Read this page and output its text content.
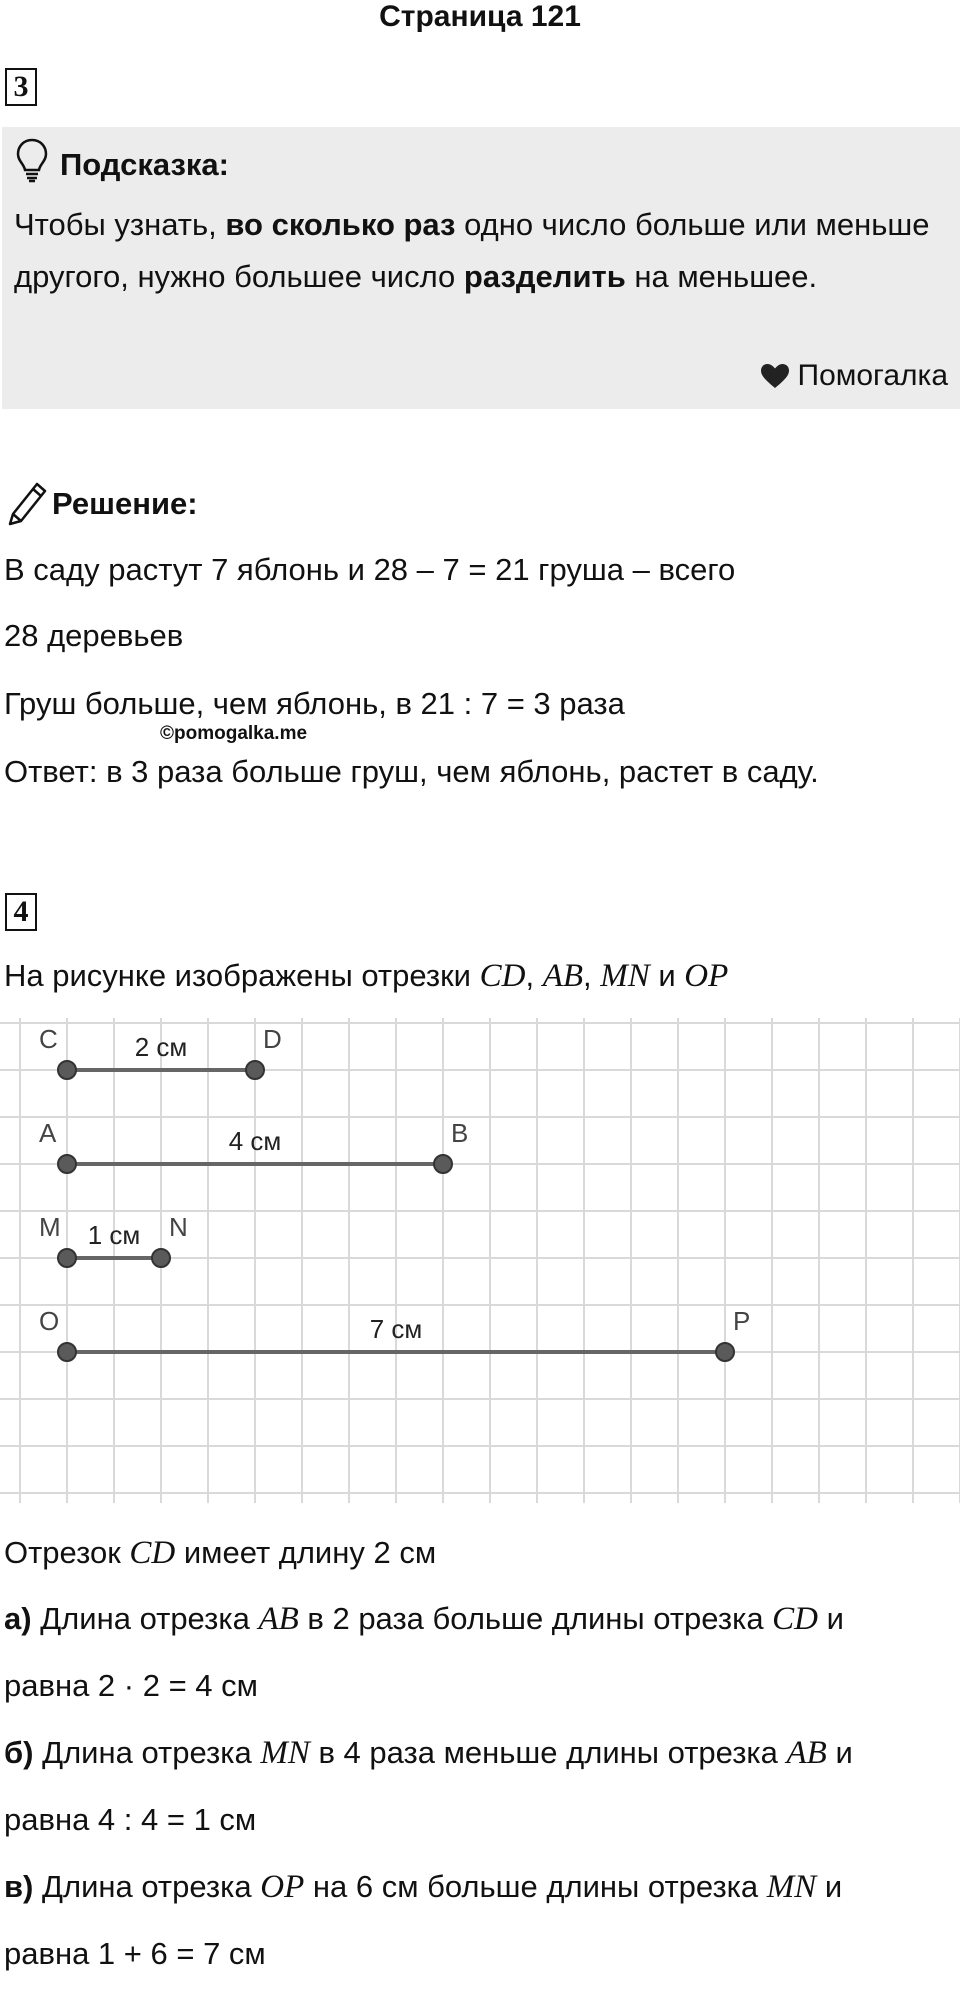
Страница 121
3
Подсказка:
Чтобы узнать, во сколько раз одно число больше или меньше другого, нужно большее число разделить на меньшее.
Помогалка
Решение:
В саду растут 7 яблонь и 28 – 7 = 21 груша – всего
28 деревьев
Груш больше, чем яблонь, в 21 : 7 = 3 раза
©pomogalka.me
Ответ: в 3 раза больше груш, чем яблонь, растет в саду.
4
На рисунке изображены отрезки CD, AB, MN и OP
C	D
2 см
A	B
4 см
M	N
1 см
O	P
7 см
Отрезок CD имеет длину 2 см
а) Длина отрезка AB в 2 раза больше длины отрезка CD и
равна 2 · 2 = 4 см
б) Длина отрезка MN в 4 раза меньше длины отрезка AB и
равна 4 : 4 = 1 см
в) Длина отрезка OP на 6 см больше длины отрезка MN и
равна 1 + 6 = 7 см
